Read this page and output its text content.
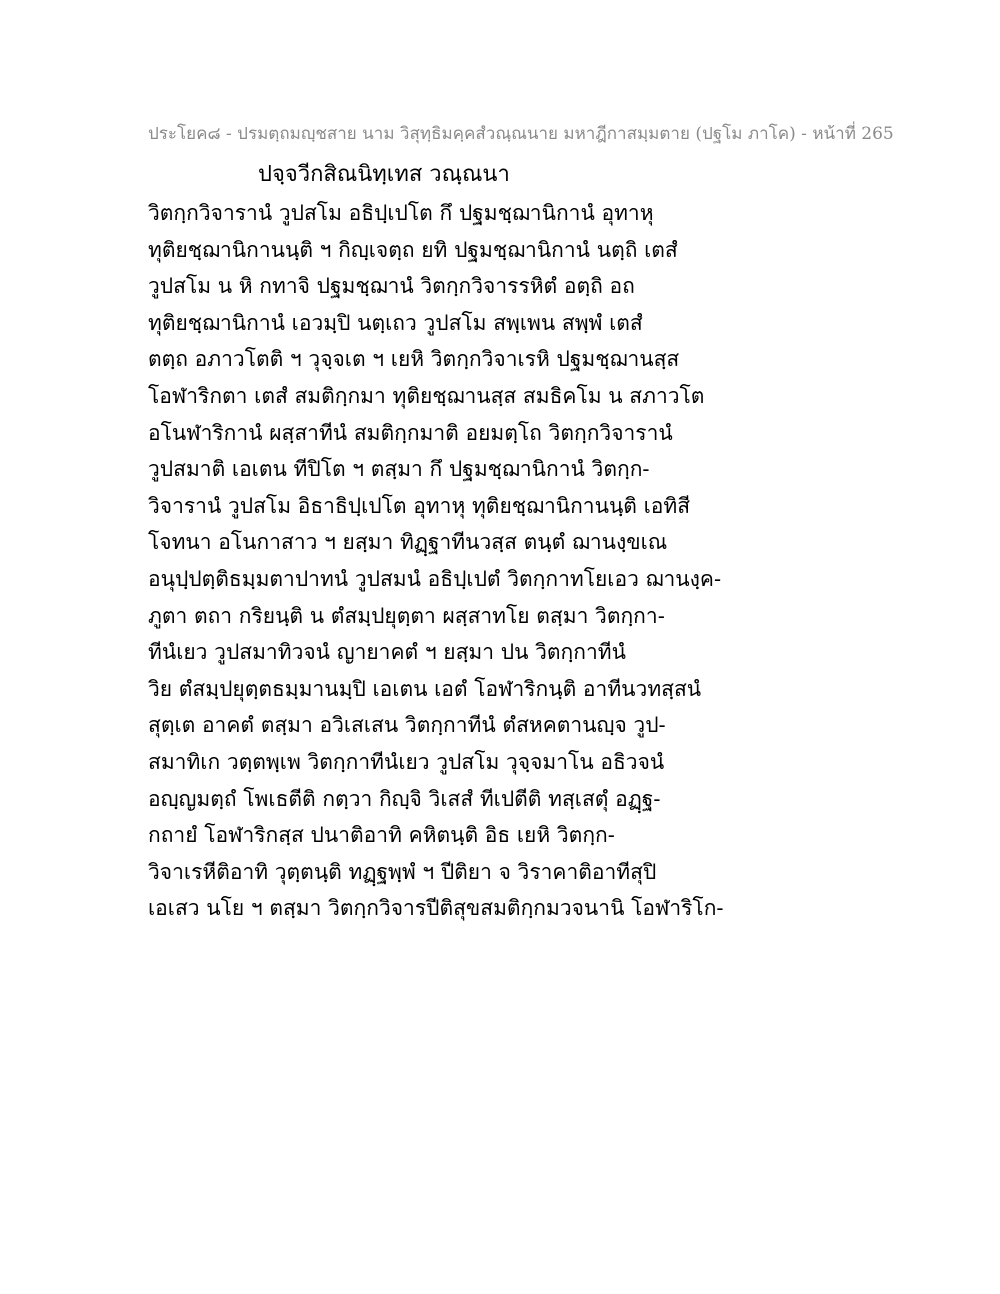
ประโยค๘ - ปรมตฺถมญฺชสาย นาม วิสุทฺธิมคฺคสํวณฺณนาย มหาฎีกาสมฺมตาย (ปฐโม ภาโค) - หน้าที่ 265
ปจฺจวีกสิณนิทฺเทส วณฺณนา
วิตกฺกวิจารานํ วูปสโม อธิปฺเปโต กึ ปฐมชฺฌานิกานํ อุทาหุ
ทุติยชฺฌานิกานนฺติ ฯ กิญฺเจตฺถ ยทิ ปฐมชฺฌานิกานํ นตฺถิ เตสํ
วูปสโม น หิ กทาจิ ปฐมชฺฌานํ วิตกฺกวิจารรหิตํ อตฺถิ อถ
ทุติยชฺฌานิกานํ เอวมฺปิ นตฺเถว วูปสโม สพฺเพน สพฺพํ เตสํ
ตตฺถ อภาวโตติ ฯ วุจฺจเต ฯ เยหิ วิตกฺกวิจาเรหิ ปฐมชฺฌานสฺส
โอฬาริกตา เตสํ สมติกฺกมา ทุติยชฺฌานสฺส สมธิคโม น สภาวโต
อโนฬาริกานํ ผสฺสาทีนํ สมติกฺกมาติ อยมตฺโถ วิตกฺกวิจารานํ
วูปสมาติ เอเตน ทีปิโต ฯ ตสฺมา กึ ปฐมชฺฌานิกานํ วิตกฺก-
วิจารานํ วูปสโม อิธาธิปฺเปโต อุทาหุ ทุติยชฺฌานิกานนฺติ เอทิสี
โจทนา อโนกาสาว ฯ ยสฺมา ทิฏฺฐาทีนวสฺส ตนฺตํ ฌานงฺขเณ
อนุปฺปตฺติธมฺมตาปาทนํ วูปสมนํ อธิปฺเปตํ วิตกฺกาทโยเอว ฌานงฺค-
ภูตา ตถา กริยนฺติ น ตํสมฺปยุตฺตา ผสฺสาทโย ตสฺมา วิตกฺกา-
ทีนํเยว วูปสมาทิวจนํ ญายาคตํ ฯ ยสฺมา ปน วิตกฺกาทีนํ
วิย ตํสมฺปยุตฺตธมฺมานมฺปิ เอเตน เอตํ โอฬาริกนฺติ อาทีนวทสฺสนํ
สุตฺเต อาคตํ ตสฺมา อวิเสเสน วิตกฺกาทีนํ ตํสหคตานญฺจ วูป-
สมาทิเก วตฺตพฺเพ วิตกฺกาทีนํเยว วูปสโม วุจฺจมาโน อธิวจนํ
อญฺญมตฺถํ โพเธตีติ กตฺวา กิญฺจิ วิเสสํ ทีเปตีติ ทสฺเสตุํ อฏฺฐ-
กถายํ โอฬาริกสฺส ปนาติอาทิ คหิตนฺติ อิธ เยหิ วิตกฺก-
วิจาเรหีติอาทิ วุตฺตนฺติ ทฏฺฐพฺพํ ฯ ปีติยา จ วิราคาติอาทีสุปิ
เอเสว นโย ฯ ตสฺมา วิตกฺกวิจารปีติสุขสมติกฺกมวจนานิ โอฬาริโก-
